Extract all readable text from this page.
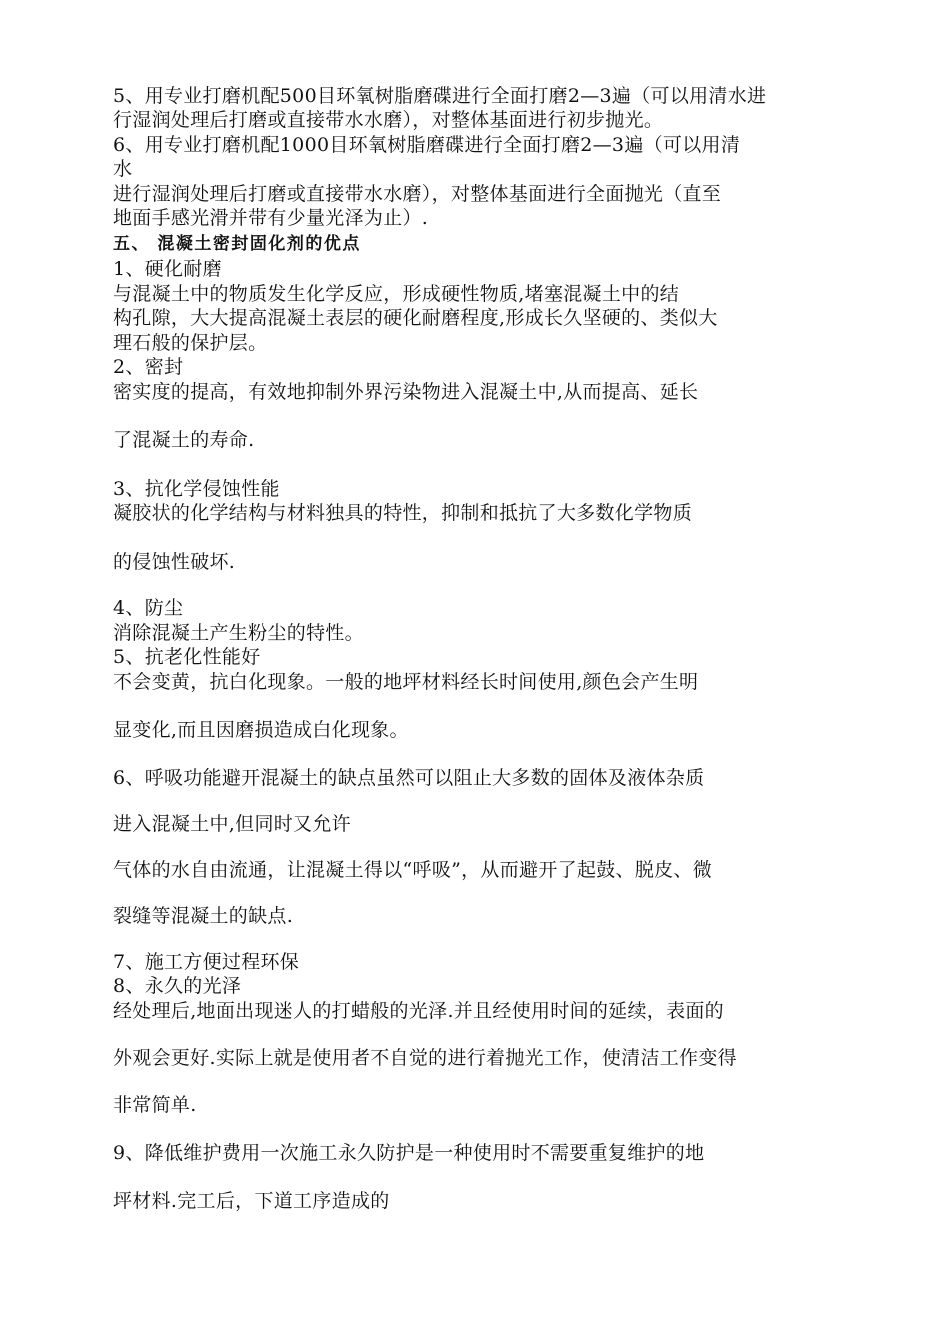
5、用专业打磨机配500目环氧树脂磨碟进行全面打磨2—3遍（可以用清水进
行湿润处理后打磨或直接带水水磨），对整体基面进行初步抛光。
6、用专业打磨机配1000目环氧树脂磨碟进行全面打磨2—3遍（可以用清
水
进行湿润处理后打磨或直接带水水磨），对整体基面进行全面抛光（直至
地面手感光滑并带有少量光泽为止）.
五、 混凝土密封固化剂的优点
1、硬化耐磨
与混凝土中的物质发生化学反应，形成硬性物质,堵塞混凝土中的结
构孔隙，大大提高混凝土表层的硬化耐磨程度,形成长久坚硬的、类似大
理石般的保护层。
2、密封
密实度的提高，有效地抑制外界污染物进入混凝土中,从而提高、延长
了混凝土的寿命.
3、抗化学侵蚀性能
凝胶状的化学结构与材料独具的特性，抑制和抵抗了大多数化学物质
的侵蚀性破坏.
4、防尘
消除混凝土产生粉尘的特性。
5、抗老化性能好
不会变黄，抗白化现象。一般的地坪材料经长时间使用,颜色会产生明
显变化,而且因磨损造成白化现象。
6、呼吸功能避开混凝土的缺点虽然可以阻止大多数的固体及液体杂质
进入混凝土中,但同时又允许
气体的水自由流通，让混凝土得以“呼吸”，从而避开了起鼓、脱皮、微
裂缝等混凝土的缺点.
7、施工方便过程环保
8、永久的光泽
经处理后,地面出现迷人的打蜡般的光泽.并且经使用时间的延续，表面的
外观会更好.实际上就是使用者不自觉的进行着抛光工作，使清洁工作变得
非常简单.
9、降低维护费用一次施工永久防护是一种使用时不需要重复维护的地
坪材料.完工后，下道工序造成的
